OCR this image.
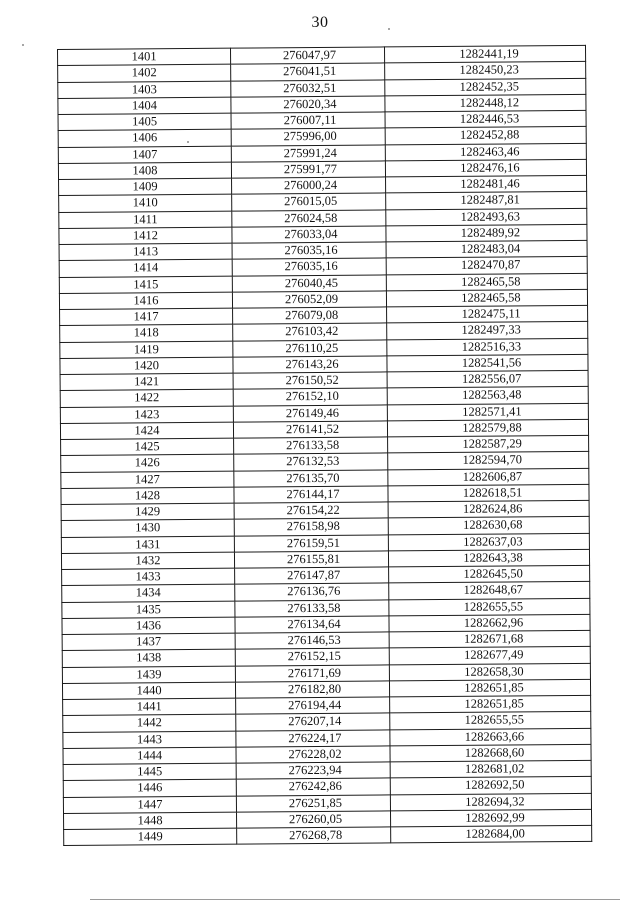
30
1401	276047,97	1282441,19
1402	276041,51	1282450,23
1403	276032,51	1282452,35
1404	276020,34	1282448,12
1405	276007,11	1282446,53
1406	275996,00	1282452,88
1407	275991,24	1282463,46
1408	275991,77	1282476,16
1409	276000,24	1282481,46
1410	276015,05	1282487,81
1411	276024,58	1282493,63
1412	276033,04	1282489,92
1413	276035,16	1282483,04
1414	276035,16	1282470,87
1415	276040,45	1282465,58
1416	276052,09	1282465,58
1417	276079,08	1282475,11
1418	276103,42	1282497,33
1419	276110,25	1282516,33
1420	276143,26	1282541,56
1421	276150,52	1282556,07
1422	276152,10	1282563,48
1423	276149,46	1282571,41
1424	276141,52	1282579,88
1425	276133,58	1282587,29
1426	276132,53	1282594,70
1427	276135,70	1282606,87
1428	276144,17	1282618,51
1429	276154,22	1282624,86
1430	276158,98	1282630,68
1431	276159,51	1282637,03
1432	276155,81	1282643,38
1433	276147,87	1282645,50
1434	276136,76	1282648,67
1435	276133,58	1282655,55
1436	276134,64	1282662,96
1437	276146,53	1282671,68
1438	276152,15	1282677,49
1439	276171,69	1282658,30
1440	276182,80	1282651,85
1441	276194,44	1282651,85
1442	276207,14	1282655,55
1443	276224,17	1282663,66
1444	276228,02	1282668,60
1445	276223,94	1282681,02
1446	276242,86	1282692,50
1447	276251,85	1282694,32
1448	276260,05	1282692,99
1449	276268,78	1282684,00
